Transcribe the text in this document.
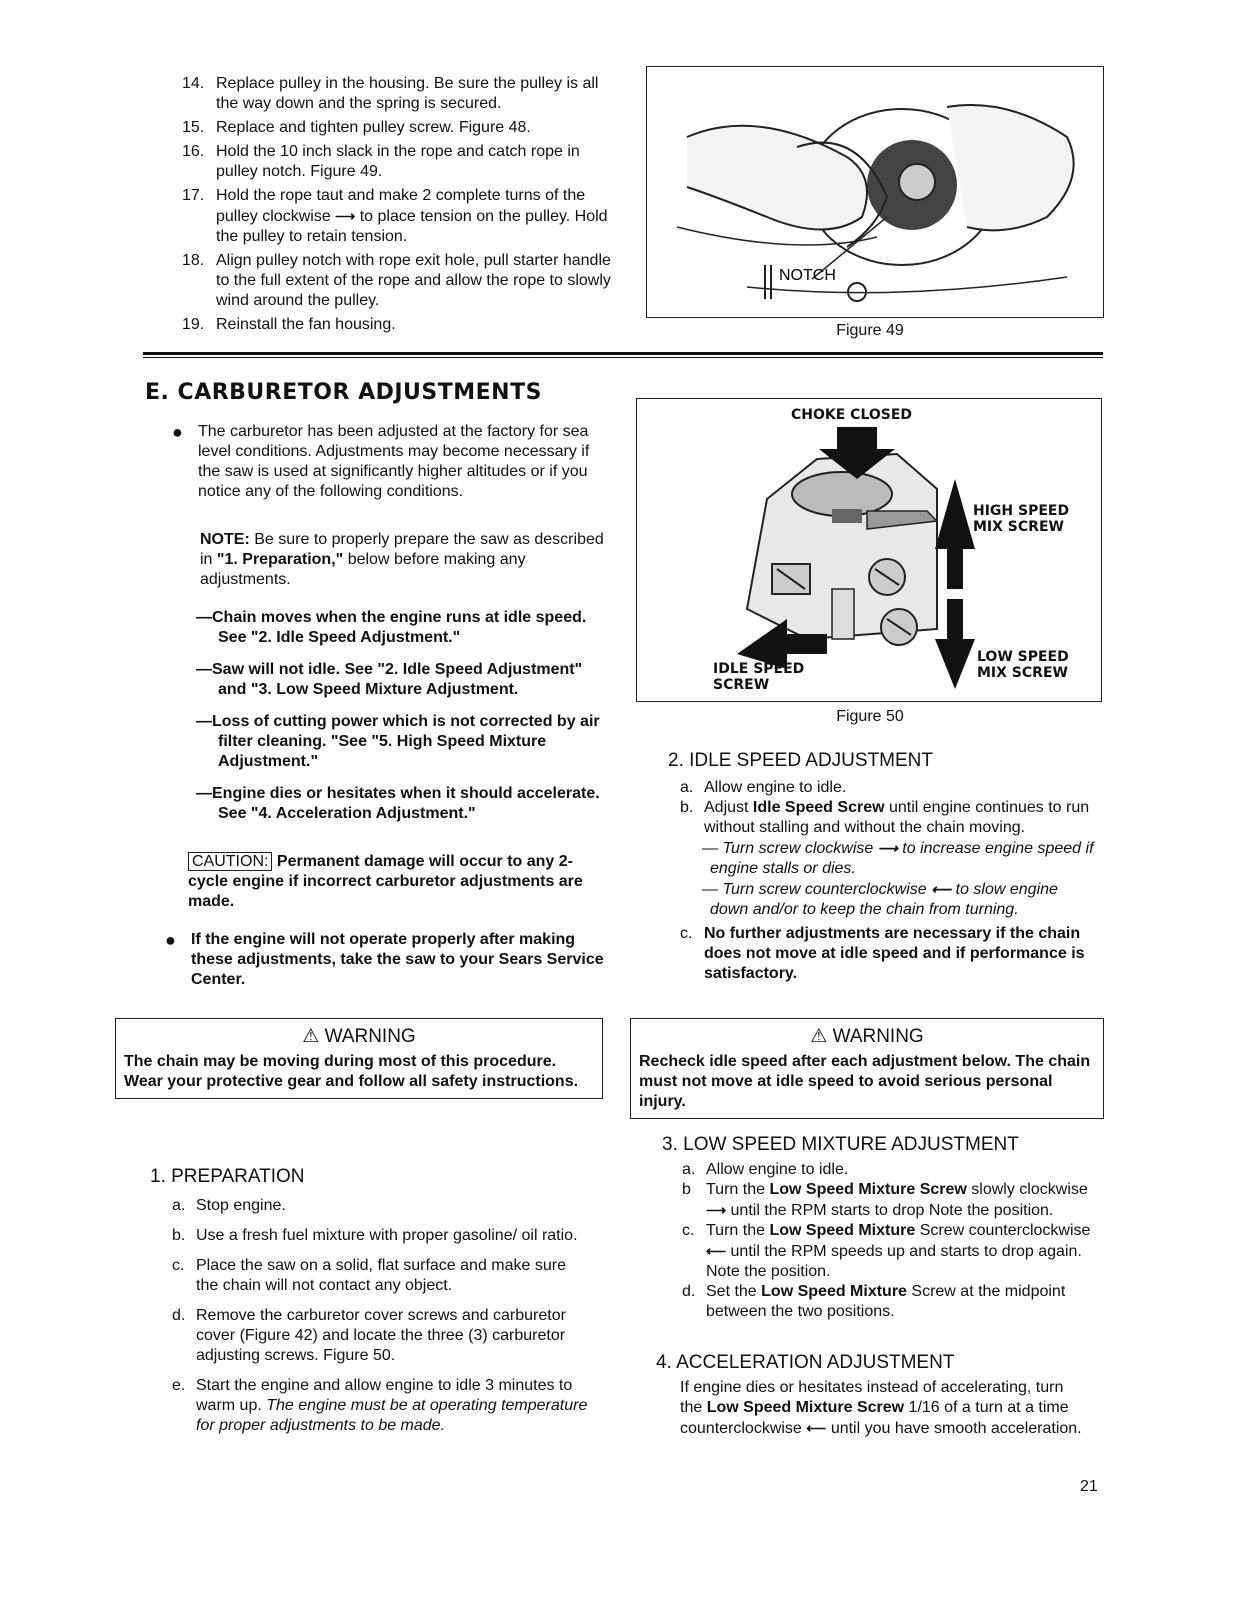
14. Replace pulley in the housing. Be sure the pulley is all the way down and the spring is secured.
15. Replace and tighten pulley screw. Figure 48.
16. Hold the 10 inch slack in the rope and catch rope in pulley notch. Figure 49.
17. Hold the rope taut and make 2 complete turns of the pulley clockwise ⟶ to place tension on the pulley. Hold the pulley to retain tension.
18. Align pulley notch with rope exit hole, pull starter handle to the full extent of the rope and allow the rope to slowly wind around the pulley.
19. Reinstall the fan housing.
NOTCH
Figure 49
E. CARBURETOR ADJUSTMENTS
● The carburetor has been adjusted at the factory for sea level conditions. Adjustments may become necessary if the saw is used at significantly higher altitudes or if you notice any of the following conditions.
NOTE: Be sure to properly prepare the saw as described in "1. Preparation," below before making any adjustments.
—Chain moves when the engine runs at idle speed. See "2. Idle Speed Adjustment."
—Saw will not idle. See "2. Idle Speed Adjustment" and "3. Low Speed Mixture Adjustment.
—Loss of cutting power which is not corrected by air filter cleaning. "See "5. High Speed Mixture Adjustment."
—Engine dies or hesitates when it should accelerate. See "4. Acceleration Adjustment."
CAUTION: Permanent damage will occur to any 2-cycle engine if incorrect carburetor adjustments are made.
● If the engine will not operate properly after making these adjustments, take the saw to your Sears Service Center.
⚠ WARNING
The chain may be moving during most of this procedure. Wear your protective gear and follow all safety instructions.
1. PREPARATION
a. Stop engine.
b. Use a fresh fuel mixture with proper gasoline/ oil ratio.
c. Place the saw on a solid, flat surface and make sure the chain will not contact any object.
d. Remove the carburetor cover screws and carburetor cover (Figure 42) and locate the three (3) carburetor adjusting screws. Figure 50.
e. Start the engine and allow engine to idle 3 minutes to warm up. The engine must be at operating temperature for proper adjustments to be made.
CHOKE CLOSED
HIGH SPEED
MIX SCREW
LOW SPEED
MIX SCREW
IDLE SPEED
SCREW
Figure 50
2. IDLE SPEED ADJUSTMENT
a. Allow engine to idle.
b. Adjust Idle Speed Screw until engine continues to run without stalling and without the chain moving.
— Turn screw clockwise ⟶ to increase engine speed if engine stalls or dies.
— Turn screw counterclockwise ⟵ to slow engine down and/or to keep the chain from turning.
c. No further adjustments are necessary if the chain does not move at idle speed and if performance is satisfactory.
⚠ WARNING
Recheck idle speed after each adjustment below. The chain must not move at idle speed to avoid serious personal injury.
3. LOW SPEED MIXTURE ADJUSTMENT
a. Allow engine to idle.
b Turn the Low Speed Mixture Screw slowly clockwise ⟶ until the RPM starts to drop Note the position.
c. Turn the Low Speed Mixture Screw counterclockwise ⟵ until the RPM speeds up and starts to drop again. Note the position.
d. Set the Low Speed Mixture Screw at the midpoint between the two positions.
4. ACCELERATION ADJUSTMENT
If engine dies or hesitates instead of accelerating, turn the Low Speed Mixture Screw 1/16 of a turn at a time counterclockwise ⟵ until you have smooth acceleration.
21
